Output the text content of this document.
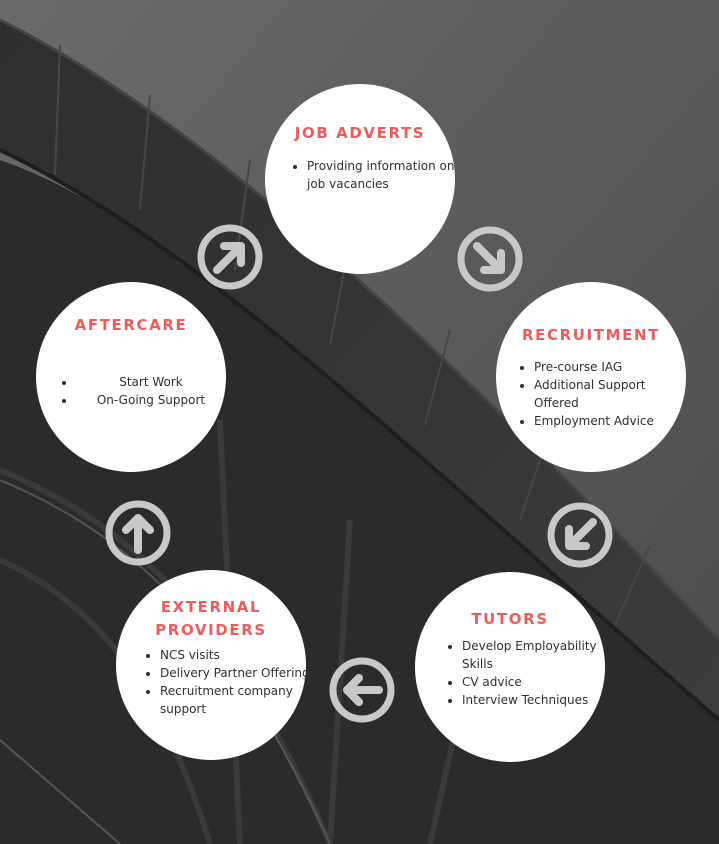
JOB ADVERTS
• Providing information on job vacancies
RECRUITMENT
• Pre-course IAG
• Additional Support Offered
• Employment Advice
TUTORS
• Develop Employability Skills
• CV advice
• Interview Techniques
EXTERNAL PROVIDERS
• NCS visits
• Delivery Partner Offering
• Recruitment company support
AFTERCARE
• Start Work
• On-Going Support
